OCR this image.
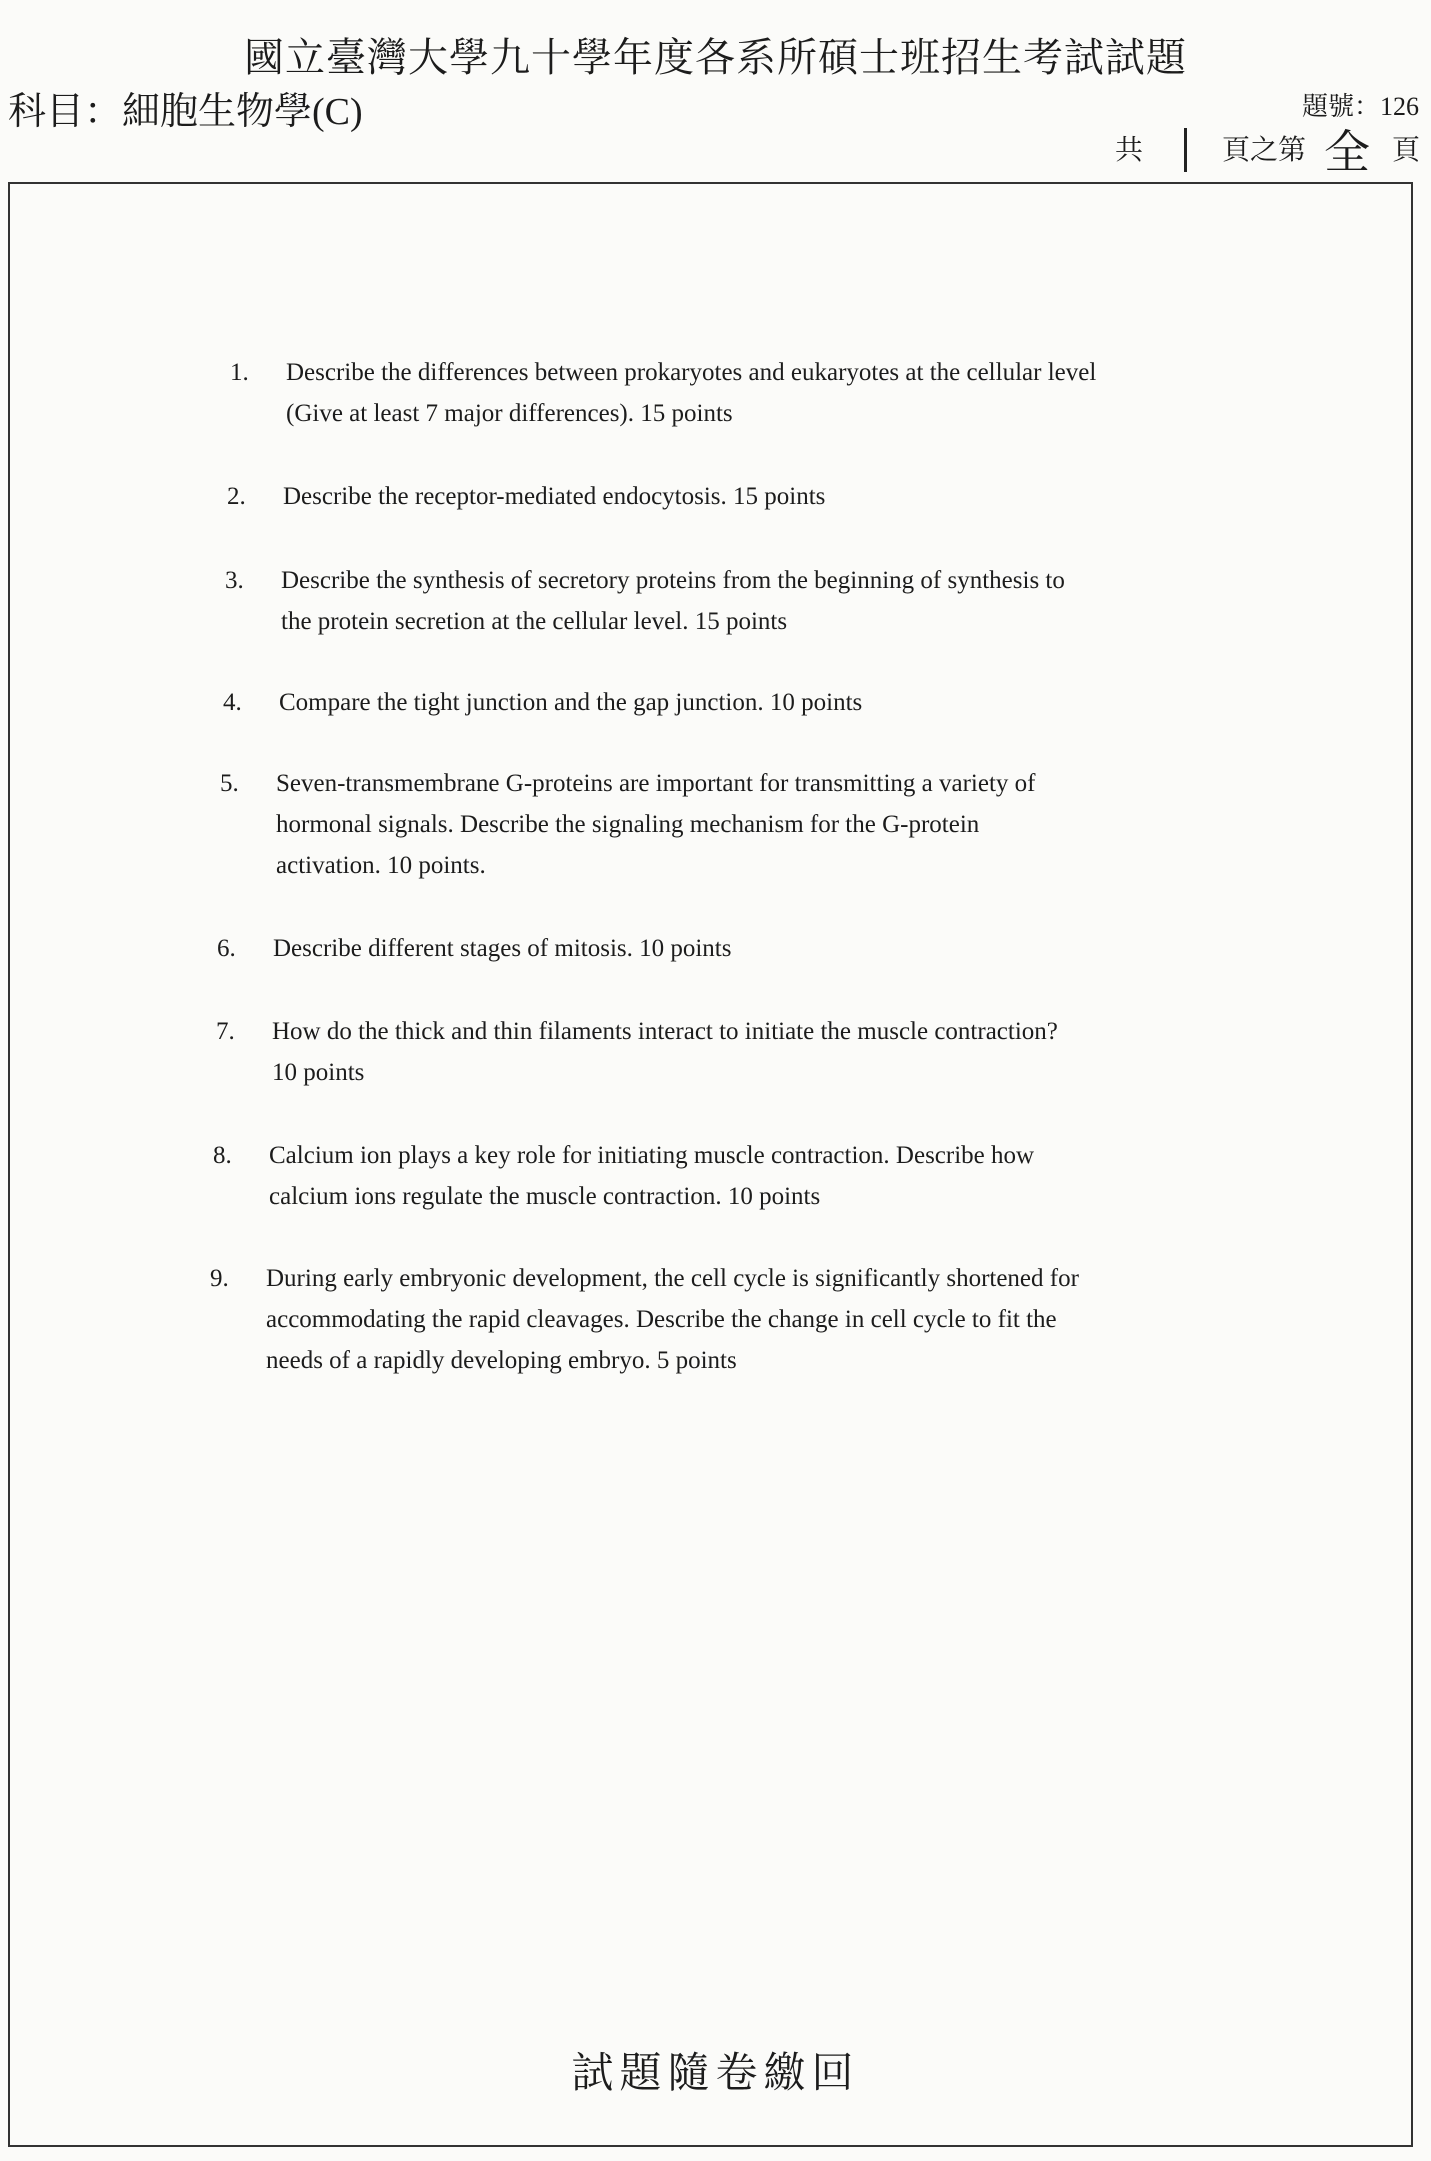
國立臺灣大學九十學年度各系所碩士班招生考試試題
科目：細胞生物學(C)	題號：126
共	頁之第 全 頁
1.	Describe the differences between prokaryotes and eukaryotes at the cellular level
(Give at least 7 major differences). 15 points
2.	Describe the receptor-mediated endocytosis. 15 points
3.	Describe the synthesis of secretory proteins from the beginning of synthesis to
the protein secretion at the cellular level. 15 points
4.	Compare the tight junction and the gap junction. 10 points
5.	Seven-transmembrane G-proteins are important for transmitting a variety of
hormonal signals. Describe the signaling mechanism for the G-protein
activation. 10 points.
6.	Describe different stages of mitosis. 10 points
7.	How do the thick and thin filaments interact to initiate the muscle contraction?
10 points
8.	Calcium ion plays a key role for initiating muscle contraction. Describe how
calcium ions regulate the muscle contraction. 10 points
9.	During early embryonic development, the cell cycle is significantly shortened for
accommodating the rapid cleavages. Describe the change in cell cycle to fit the
needs of a rapidly developing embryo. 5 points
試題隨卷繳回
